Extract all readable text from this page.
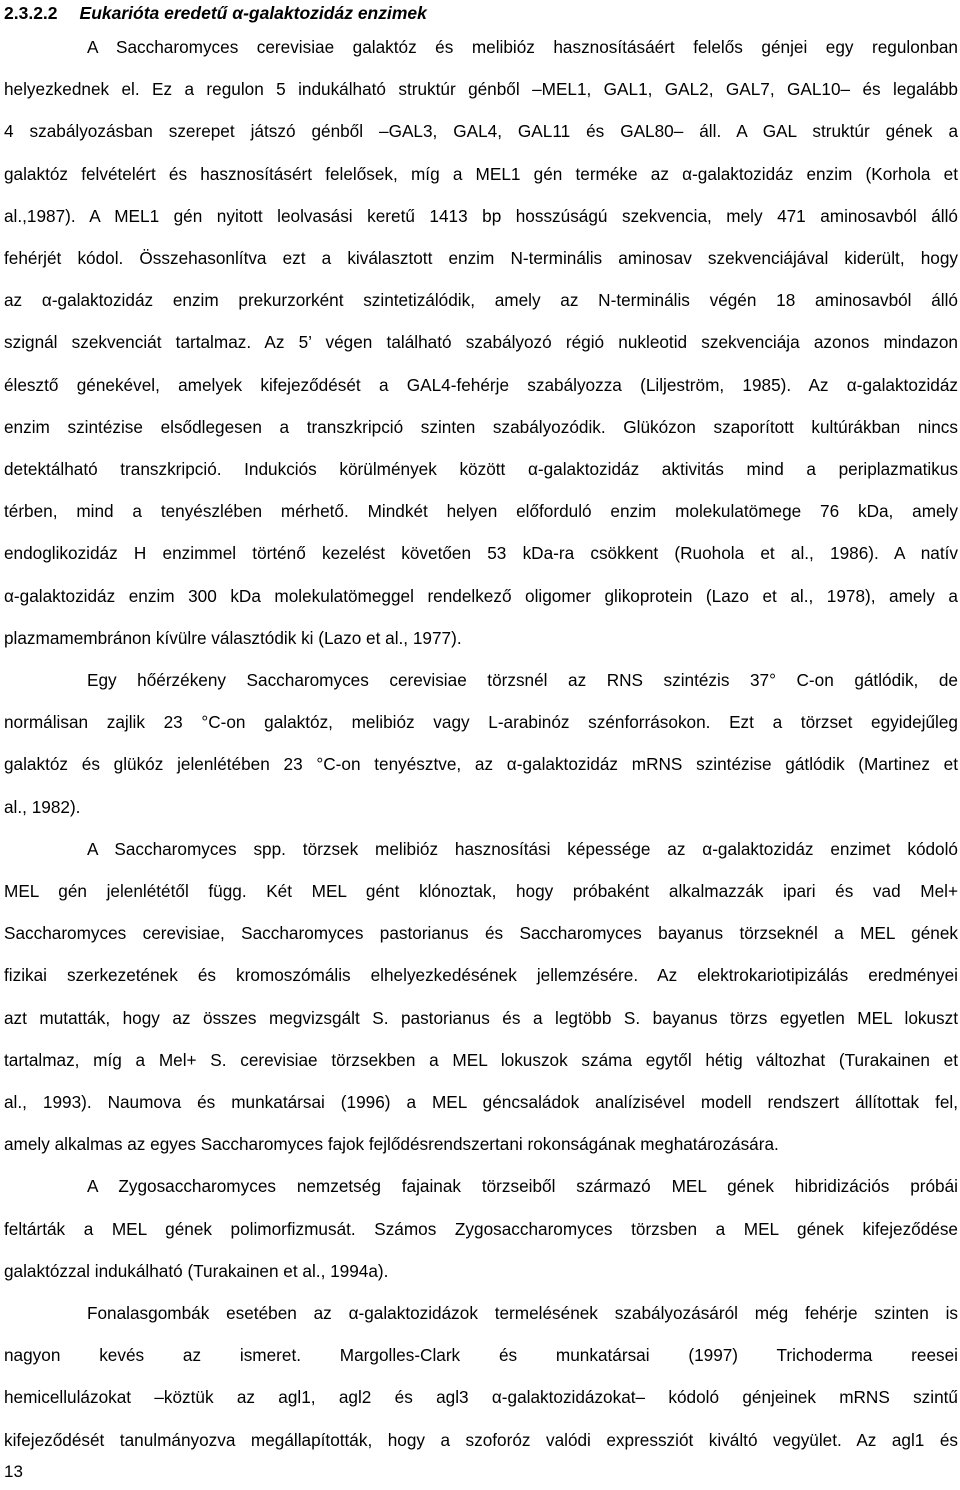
2.3.2.2 Eukarióta eredetű α-galaktozidáz enzimek
A Saccharomyces cerevisiae galaktóz és melibióz hasznosításáért felelős génjei egy regulonban
helyezkednek el. Ez a regulon 5 indukálható struktúr génből –MEL1, GAL1, GAL2, GAL7, GAL10– és legalább
4 szabályozásban szerepet játszó génből –GAL3, GAL4, GAL11 és GAL80– áll. A GAL struktúr gének a
galaktóz felvételért és hasznosításért felelősek, míg a MEL1 gén terméke az α-galaktozidáz enzim (Korhola et
al.,1987). A MEL1 gén nyitott leolvasási keretű 1413 bp hosszúságú szekvencia, mely 471 aminosavból álló
fehérjét kódol. Összehasonlítva ezt a kiválasztott enzim N-terminális aminosav szekvenciájával kiderült, hogy
az α-galaktozidáz enzim prekurzorként szintetizálódik, amely az N-terminális végén 18 aminosavból álló
szignál szekvenciát tartalmaz. Az 5’ végen található szabályozó régió nukleotid szekvenciája azonos mindazon
élesztő génekével, amelyek kifejeződését a GAL4-fehérje szabályozza (Liljeström, 1985). Az α-galaktozidáz
enzim szintézise elsődlegesen a transzkripció szinten szabályozódik. Glükózon szaporított kultúrákban nincs
detektálható transzkripció. Indukciós körülmények között α-galaktozidáz aktivitás mind a periplazmatikus
térben, mind a tenyészlében mérhető. Mindkét helyen előforduló enzim molekulatömege 76 kDa, amely
endoglikozidáz H enzimmel történő kezelést követően 53 kDa-ra csökkent (Ruohola et al., 1986). A natív
α-galaktozidáz enzim 300 kDa molekulatömeggel rendelkező oligomer glikoprotein (Lazo et al., 1978), amely a
plazmamembránon kívülre választódik ki (Lazo et al., 1977).
Egy hőérzékeny Saccharomyces cerevisiae törzsnél az RNS szintézis 37° C-on gátlódik, de
normálisan zajlik 23 °C-on galaktóz, melibióz vagy L-arabinóz szénforrásokon. Ezt a törzset egyidejűleg
galaktóz és glükóz jelenlétében 23 °C-on tenyésztve, az α-galaktozidáz mRNS szintézise gátlódik (Martinez et
al., 1982).
A Saccharomyces spp. törzsek melibióz hasznosítási képessége az α-galaktozidáz enzimet kódoló
MEL gén jelenlététől függ. Két MEL gént klónoztak, hogy próbaként alkalmazzák ipari és vad Mel+
Saccharomyces cerevisiae, Saccharomyces pastorianus és Saccharomyces bayanus törzseknél a MEL gének
fizikai szerkezetének és kromoszómális elhelyezkedésének jellemzésére. Az elektrokariotipizálás eredményei
azt mutatták, hogy az összes megvizsgált S. pastorianus és a legtöbb S. bayanus törzs egyetlen MEL lokuszt
tartalmaz, míg a Mel+ S. cerevisiae törzsekben a MEL lokuszok száma egytől hétig változhat (Turakainen et
al., 1993). Naumova és munkatársai (1996) a MEL géncsaládok analízisével modell rendszert állítottak fel,
amely alkalmas az egyes Saccharomyces fajok fejlődésrendszertani rokonságának meghatározására.
A Zygosaccharomyces nemzetség fajainak törzseiből származó MEL gének hibridizációs próbái
feltárták a MEL gének polimorfizmusát. Számos Zygosaccharomyces törzsben a MEL gének kifejeződése
galaktózzal indukálható (Turakainen et al., 1994a).
Fonalasgombák esetében az α-galaktozidázok termelésének szabályozásáról még fehérje szinten is
nagyon kevés az ismeret. Margolles-Clark és munkatársai (1997) Trichoderma reesei
hemicellulázokat –köztük az agl1, agl2 és agl3 α-galaktozidázokat– kódoló génjeinek mRNS szintű
kifejeződését tanulmányozva megállapították, hogy a szoforóz valódi expressziót kiváltó vegyület. Az agl1 és
13
